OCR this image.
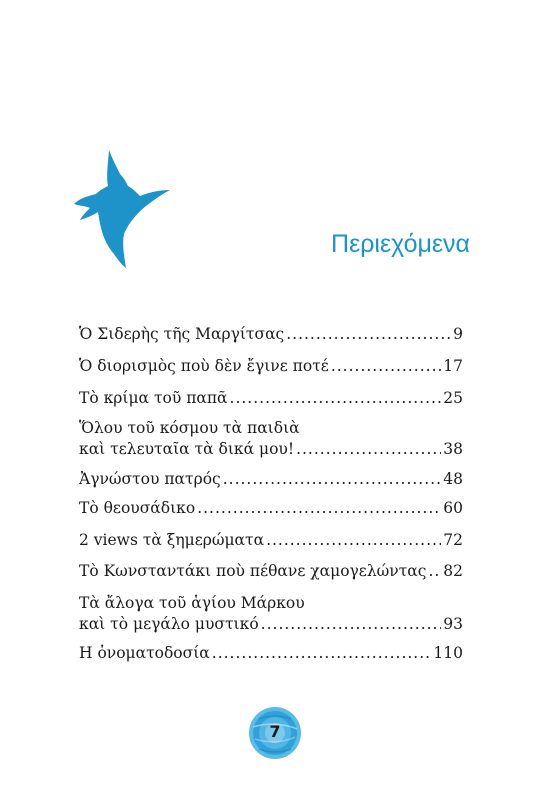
Περιεχόμενα
Ὁ Σιδερὴς τῆς Μαργίτσας .....	9
Ὁ διορισμὸς ποὺ δὲν ἔγινε ποτέ .....	17
Τὸ κρίμα τοῦ παπᾶ .....	25
Ὅλου τοῦ κόσμου τὰ παιδιὰ
καὶ τελευταῖα τὰ δικά μου! .....	38
Ἀγνώστου πατρός .....	48
Τὸ θεουσάδικο .....	60
2 views τὰ ξημερώματα .....	72
Τὸ Κωνσταντάκι ποὺ πέθανε χαμογελώντας ..... 82
Τὰ ἄλογα τοῦ ἁγίου Μάρκου
καὶ τὸ μεγάλο μυστικό .....	93
Η ὀνοματοδοσία .....	110
7
